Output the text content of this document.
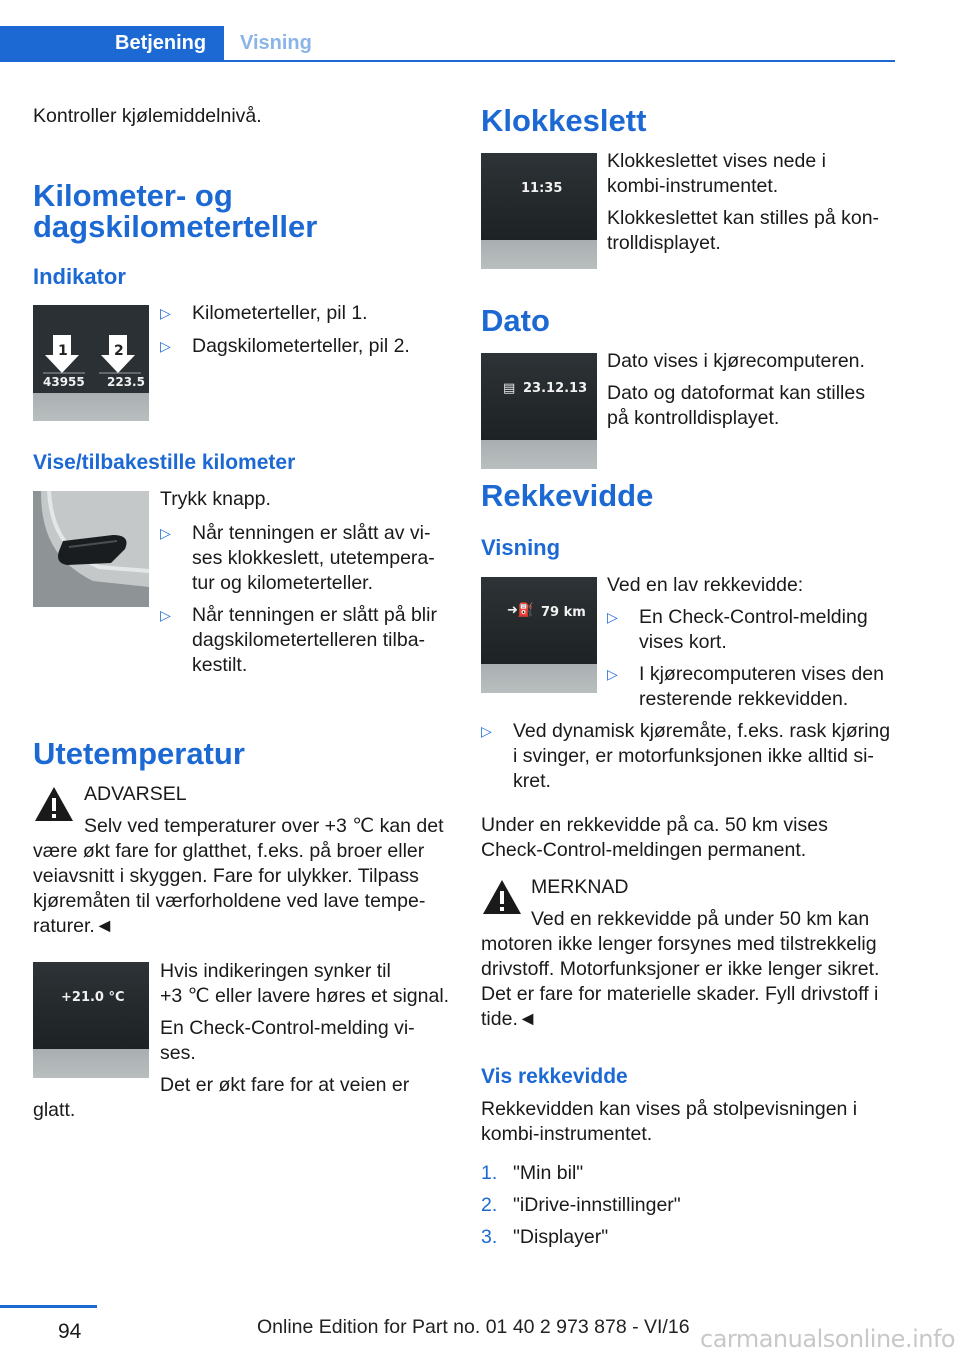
Betjening	Visning
Kontroller kjølemiddelnivå.
Kilometer- og
dagskilometerteller
Indikator
1	2
43955 223.5
▷ Kilometerteller, pil 1.
▷ Dagskilometerteller, pil 2.
Vise/tilbakestille kilometer
Trykk knapp.
▷ Når tenningen er slått av vi-
ses klokkeslett, utetempera-
tur og kilometerteller.
▷ Når tenningen er slått på blir
dagskilometertelleren tilba-
kestilt.
Utetemperatur
ADVARSEL
Selv ved temperaturer over +3 ℃ kan det
være økt fare for glatthet, f.eks. på broer eller
veiavsnitt i skyggen. Fare for ulykker. Tilpass
kjøremåten til værforholdene ved lave tempe-
raturer.◄
+21.0 °C
Hvis indikeringen synker til
+3 ℃ eller lavere høres et signal.
En Check-Control-melding vi-
ses.
Det er økt fare for at veien er
glatt.
Klokkeslett
11:35
Klokkeslettet vises nede i
kombi-instrumentet.
Klokkeslettet kan stilles på kon-
trolldisplayet.
Dato
▤ 23.12.13
Dato vises i kjørecomputeren.
Dato og datoformat kan stilles
på kontrolldisplayet.
Rekkevidde
Visning
➜⛽ 79 km
Ved en lav rekkevidde:
▷ En Check-Control-melding
vises kort.
▷ I kjørecomputeren vises den
resterende rekkevidden.
▷ Ved dynamisk kjøremåte, f.eks. rask kjøring
i svinger, er motorfunksjonen ikke alltid si-
kret.
Under en rekkevidde på ca. 50 km vises
Check-Control-meldingen permanent.
MERKNAD
Ved en rekkevidde på under 50 km kan
motoren ikke lenger forsynes med tilstrekkelig
drivstoff. Motorfunksjoner er ikke lenger sikret.
Det er fare for materielle skader. Fyll drivstoff i
tide.◄
Vis rekkevidde
Rekkevidden kan vises på stolpevisningen i
kombi-instrumentet.
1. "Min bil"
2. "iDrive-innstillinger"
3. "Displayer"
94	Online Edition for Part no. 01 40 2 973 878 - VI/16 carmanualsonline.info
